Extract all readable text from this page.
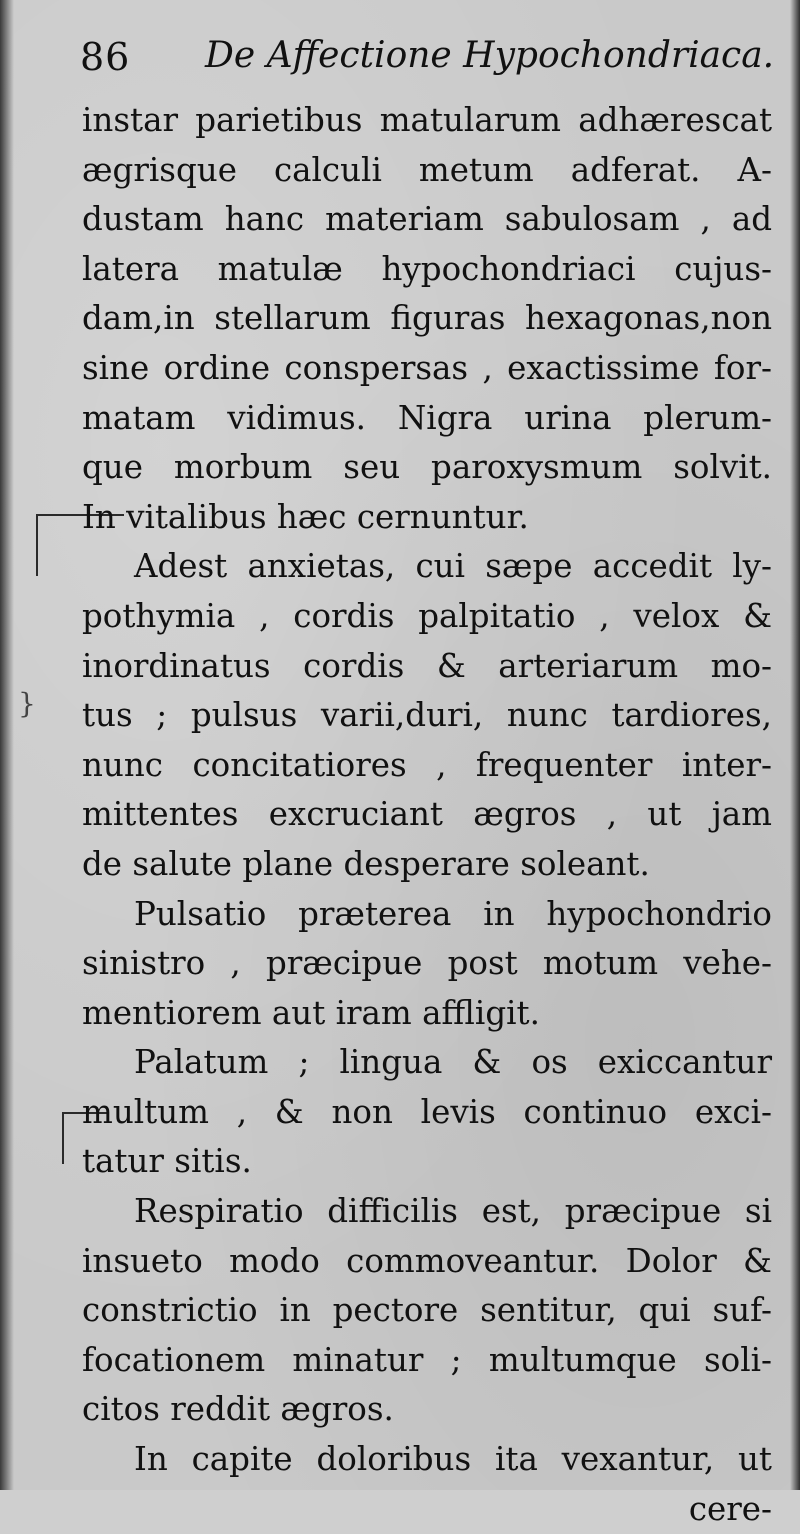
86 De Affectione Hypochondriaca.
}
instar parietibus matularum adhærescat
ægrisque calculi metum adferat. A-
dustam hanc materiam sabulosam , ad
latera matulæ hypochondriaci cujus-
dam,in stellarum figuras hexagonas,non
sine ordine conspersas , exactissime for-
matam vidimus. Nigra urina plerum-
que morbum seu paroxysmum solvit.
In vitalibus hæc cernuntur.
Adest anxietas, cui sæpe accedit ly-
pothymia , cordis palpitatio , velox &
inordinatus cordis & arteriarum mo-
tus ; pulsus varii,duri, nunc tardiores,
nunc concitatiores , frequenter inter-
mittentes excruciant ægros , ut jam
de salute plane desperare soleant.
Pulsatio præterea in hypochondrio
sinistro , præcipue post motum vehe-
mentiorem aut iram affligit.
Palatum ; lingua & os exiccantur
multum , & non levis continuo exci-
tatur sitis.
Respiratio difficilis est, præcipue si
insueto modo commoveantur. Dolor &
constrictio in pectore sentitur, qui suf-
focationem minatur ; multumque soli-
citos reddit ægros.
In capite doloribus ita vexantur, ut
cere-
